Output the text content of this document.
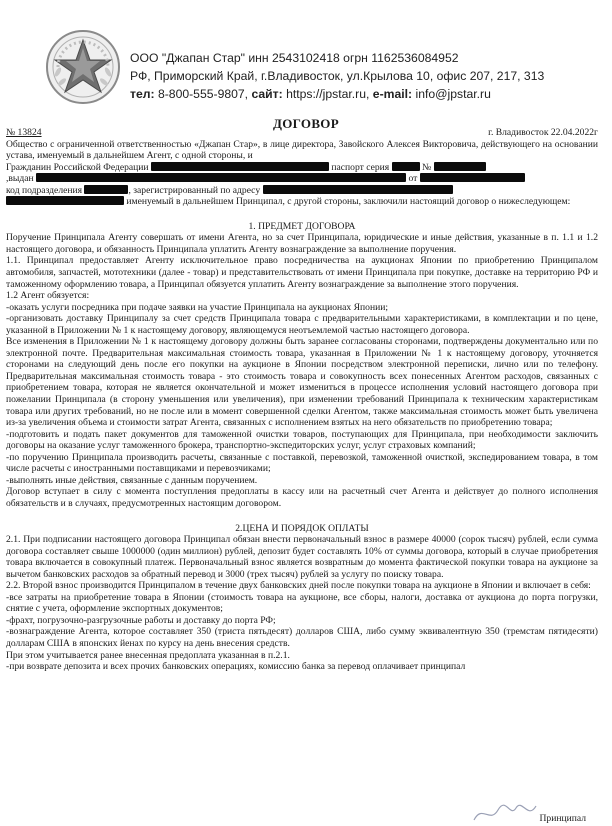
ООО "Джапан Стар" инн 2543102418 огрн 1162536084952
РФ, Приморский Край, г.Владивосток, ул.Крылова 10, офис 207, 217, 313
тел: 8-800-555-9807, сайт: https://jpstar.ru, e-mail: info@jpstar.ru
ДОГОВОР
№ 13824	г. Владивосток 22.04.2022г

Общество с ограниченной ответственностью «Джапан Стар», в лице директора, Завойского Алексея Викторовича, действующего на основании устава, именуемый в дальнейшем Агент, с одной стороны, и

Гражданин Российской Федерации	паспорт серия	№
,выдан	от
код подразделения	, зарегистрированный по адресу
именуемый в дальнейшем Принципал, с другой стороны, заключили настоящий договор о нижеследующем:

1. ПРЕДМЕТ ДОГОВОРА

Поручение Принципала Агенту совершать от имени Агента, но за счет Принципала, юридические и иные действия, указанные в п. 1.1 и 1.2 настоящего договора, и обязанность Принципала уплатить Агенту вознаграждение за выполнение поручения.

1.1. Принципал предоставляет Агенту исключительное право посредничества на аукционах Японии по приобретению Принципалом автомобиля, запчастей, мототехники (далее - товар) и представительствовать от имени Принципала при покупке, доставке на территорию РФ и таможенному оформлению товара, а Принципал обязуется уплатить Агенту вознаграждение за выполнение этого поручения.

1.2 Агент обязуется:

-оказать услуги посредника при подаче заявки на участие Принципала на аукционах Японии;

-организовать доставку Принципалу за счет средств Принципала товара с предварительными характеристиками, в комплектации и по цене, указанной в Приложении № 1 к настоящему договору, являющемуся неотъемлемой частью настоящего договора.

Все изменения в Приложении № 1 к настоящему договору должны быть заранее согласованы сторонами, подтверждены документально или по электронной почте. Предварительная максимальная стоимость товара, указанная в Приложении № 1 к настоящему договору, уточняется сторонами на следующий день после его покупки на аукционе в Японии посредством электронной переписки, лично или по телефону. Предварительная максимальная стоимость товара - это стоимость товара и совокупность всех понесенных Агентом расходов, связанных с приобретением товара, которая не является окончательной и может измениться в процессе исполнения условий настоящего договора при пожелании Принципала (в сторону уменьшения или увеличения), при изменении требований Принципала к техническим характеристикам товара или других требований, но не после или в момент совершенной сделки Агентом, также максимальная стоимость может быть увеличена из-за увеличения объема и стоимости затрат Агента, связанных с исполнением взятых на него обязательств по приобретению товара;

-подготовить и подать пакет документов для таможенной очистки товаров, поступающих для Принципала, при необходимости заключить договоры на оказание услуг таможенного брокера, транспортно-экспедиторских услуг, услуг страховых компаний;

-по поручению Принципала производить расчеты, связанные с поставкой, перевозкой, таможенной очисткой, экспедированием товара, в том числе расчеты с иностранными поставщиками и перевозчиками;

-выполнять иные действия, связанные с данным поручением.

Договор вступает в силу с момента поступления предоплаты в кассу или на расчетный счет Агента и действует до полного исполнения обязательств и в случаях, предусмотренных настоящим договором.

2.ЦЕНА И ПОРЯДОК ОПЛАТЫ

2.1. При подписании настоящего договора Принципал обязан внести первоначальный взнос в размере 40000 (сорок тысяч) рублей, если сумма договора составляет свыше 1000000 (один миллион) рублей, депозит будет составлять 10% от суммы договора, который в случае приобретения товара включается в совокупный платеж. Первоначальный взнос является возвратным до момента фактической покупки товара на аукционе за вычетом банковских расходов за обратный перевод и 3000 (трех тысяч) рублей за услугу по поиску товара.

2.2. Второй взнос производится Принципалом в течение двух банковских дней после покупки товара на аукционе в Японии и включает в себя:

-все затраты на приобретение товара в Японии (стоимость товара на аукционе, все сборы, налоги, доставка от аукциона до порта погрузки, снятие с учета, оформление экспортных документов;

-фрахт, погрузочно-разгрузочные работы и доставку до порта РФ;

-вознаграждение Агента, которое составляет 350 (триста пятьдесят) долларов США, либо сумму эквивалентную 350 (тремстам пятидесяти) долларам США в японских йенах по курсу на день внесения средств.

При этом учитывается ранее внесенная предоплата указанная в п.2.1.

-при возврате депозита и всех прочих банковских операциях, комиссию банка за перевод оплачивает принципал

Принципал
